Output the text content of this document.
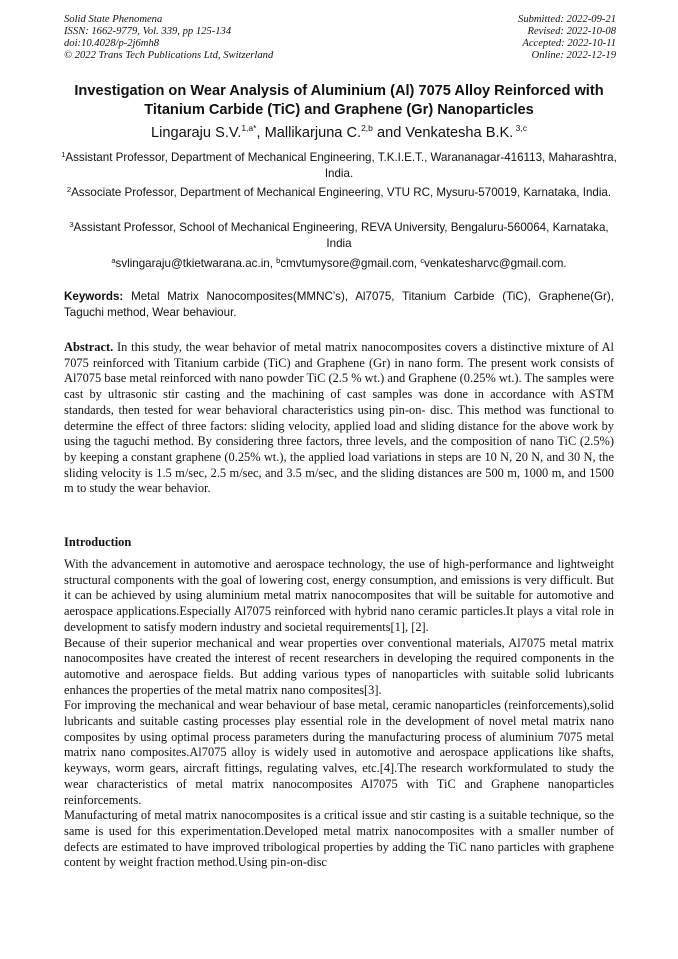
Solid State Phenomena
ISSN: 1662-9779, Vol. 339, pp 125-134
doi:10.4028/p-2j6mh8
© 2022 Trans Tech Publications Ltd, Switzerland
Submitted: 2022-09-21
Revised: 2022-10-08
Accepted: 2022-10-11
Online: 2022-12-19
Investigation on Wear Analysis of Aluminium (Al) 7075 Alloy Reinforced with Titanium Carbide (TiC) and Graphene (Gr) Nanoparticles
Lingaraju S.V.$^{1,a*}$, Mallikarjuna C.$^{2,b}$ and Venkatesha B.K. $^{3,c}$
$^1$Assistant Professor, Department of Mechanical Engineering, T.K.I.E.T., Warananagar-416113, Maharashtra, India.
$^2$Associate Professor, Department of Mechanical Engineering, VTU RC, Mysuru-570019, Karnataka, India.
$^3$Assistant Professor, School of Mechanical Engineering, REVA University, Bengaluru-560064, Karnataka, India
$^a$svlingaraju@tkietwarana.ac.in, $^b$cmvtumysore@gmail.com, $^c$venkatesharvc@gmail.com.
Keywords: Metal Matrix Nanocomposites(MMNC’s), Al7075, Titanium Carbide (TiC), Graphene(Gr), Taguchi method, Wear behaviour.
Abstract. In this study, the wear behavior of metal matrix nanocomposites covers a distinctive mixture of Al 7075 reinforced with Titanium carbide (TiC) and Graphene (Gr) in nano form. The present work consists of Al7075 base metal reinforced with nano powder TiC (2.5 % wt.) and Graphene (0.25% wt.). The samples were cast by ultrasonic stir casting and the machining of cast samples was done in accordance with ASTM standards, then tested for wear behavioral characteristics using pin-on- disc. This method was functional to determine the effect of three factors: sliding velocity, applied load and sliding distance for the above work by using the taguchi method. By considering three factors, three levels, and the composition of nano TiC (2.5%) by keeping a constant graphene (0.25% wt.), the applied load variations in steps are 10 N, 20 N, and 30 N, the sliding velocity is 1.5 m/sec, 2.5 m/sec, and 3.5 m/sec, and the sliding distances are 500 m, 1000 m, and 1500 m to study the wear behavior.
Introduction

With the advancement in automotive and aerospace technology, the use of high-performance and lightweight structural components with the goal of lowering cost, energy consumption, and emissions is very difficult. But it can be achieved by using aluminium metal matrix nanocomposites that will be suitable for automotive and aerospace applications.Especially Al7075 reinforced with hybrid nano ceramic particles.It plays a vital role in development to satisfy modern industry and societal requirements[1], [2].

Because of their superior mechanical and wear properties over conventional materials, Al7075 metal matrix nanocomposites have created the interest of recent researchers in developing the required components in the automotive and aerospace fields. But adding various types of nanoparticles with suitable solid lubricants enhances the properties of the metal matrix nano composites[3].

For improving the mechanical and wear behaviour of base metal, ceramic nanoparticles (reinforcements),solid lubricants and suitable casting processes play essential role in the development of novel metal matrix nano composites by using optimal process parameters during the manufacturing process of aluminium 7075 metal matrix nano composites.Al7075 alloy is widely used in automotive and aerospace applications like shafts, keyways, worm gears, aircraft fittings, regulating valves, etc.[4].The research workformulated to study the wear characteristics of metal matrix nanocomposites Al7075 with TiC and Graphene nanoparticles reinforcements.

Manufacturing of metal matrix nanocomposites is a critical issue and stir casting is a suitable technique, so the same is used for this experimentation.Developed metal matrix nanocomposites with a smaller number of defects are estimated to have improved tribological properties by adding the TiC nano particles with graphene content by weight fraction method.Using pin-on-disc
